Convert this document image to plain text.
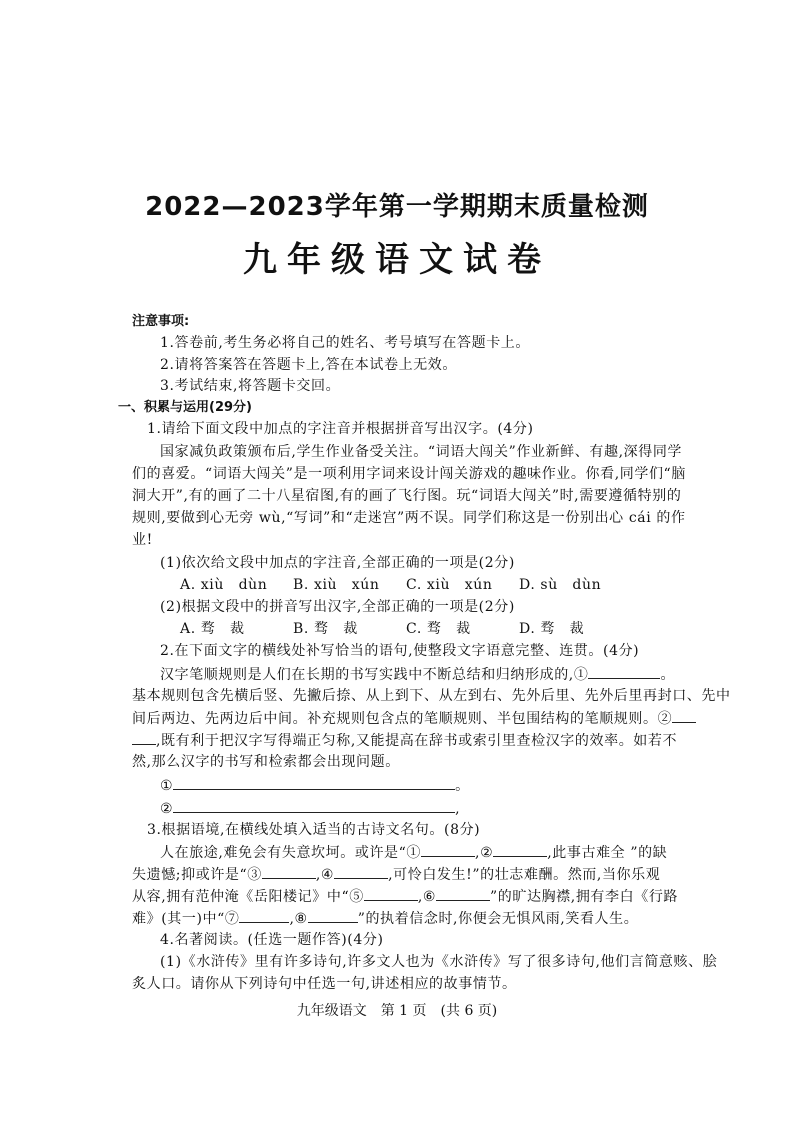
2022—2023学年第一学期期末质量检测
九年级语文试卷
注意事项:
1.答卷前,考生务必将自己的姓名、考号填写在答题卡上。
2.请将答案答在答题卡上,答在本试卷上无效。
3.考试结束,将答题卡交回。
一、积累与运用(29分)
1.请给下面文段中加点的字注音并根据拼音写出汉字。(4分)
国家减负政策颁布后,学生作业备受关注。“词语大闯关”作业新鲜、有趣,深得同学
们的喜爱。“词语大闯关”是一项利用字词来设计闯关游戏的趣味作业。你看,同学们“脑
洞大开”,有的画了二十八星宿图,有的画了飞行图。玩“词语大闯关”时,需要遵循特别的
规则,要做到心无旁 wù,“写词”和“走迷宫”两不误。同学们称这是一份别出心 cái 的作
业!
(1)依次给文段中加点的字注音,全部正确的一项是(2分)
A. xiù　dùn B. xiù　xún C. xiù　xún D. sù　dùn
(2)根据文段中的拼音写出汉字,全部正确的一项是(2分)
A. 骛　裁	B. 骛　裁	C. 骛　裁	D. 骛　裁
2.在下面文字的横线处补写恰当的语句,使整段文字语意完整、连贯。(4分)
汉字笔顺规则是人们在长期的书写实践中不断总结和归纳形成的,①	。
基本规则包含先横后竖、先撇后捺、从上到下、从左到右、先外后里、先外后里再封口、先中
间后两边、先两边后中间。补充规则包含点的笔顺规则、半包围结构的笔顺规则。②
,既有利于把汉字写得端正匀称,又能提高在辞书或索引里查检汉字的效率。如若不
然,那么汉字的书写和检索都会出现问题。
①	。
②	,
3.根据语境,在横线处填入适当的古诗文名句。(8分)
人在旅途,难免会有失意坎坷。或许是“①	,②	,此事古难全 ”的缺
失遗憾;抑或许是“③	,④	,可怜白发生!”的壮志难酬。然而,当你乐观
从容,拥有范仲淹《岳阳楼记》中“⑤	,⑥	”的旷达胸襟,拥有李白《行路
难》(其一)中“⑦	,⑧	”的执着信念时,你便会无惧风雨,笑看人生。
4.名著阅读。(任选一题作答)(4分)
(1)《水浒传》里有许多诗句,许多文人也为《水浒传》写了很多诗句,他们言简意赅、脍
炙人口。请你从下列诗句中任选一句,讲述相应的故事情节。
九年级语文　第 1 页　(共 6 页)
